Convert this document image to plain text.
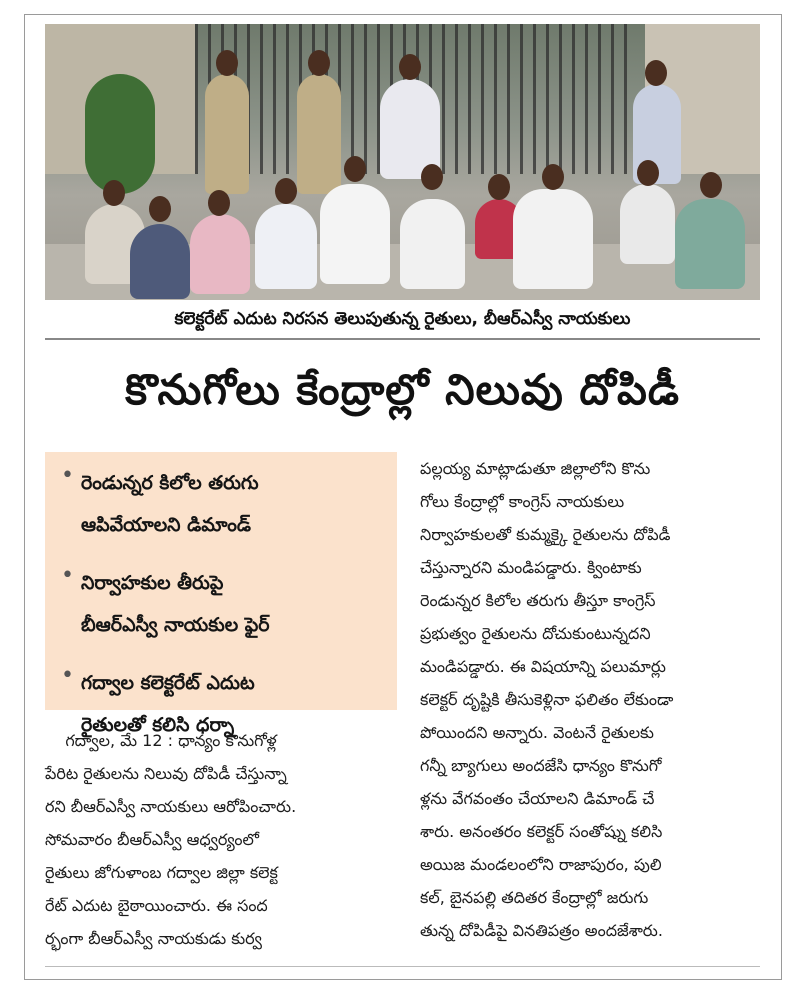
కలెక్టరేట్ ఎదుట నిరసన తెలుపుతున్న రైతులు, బీఆర్ఎస్వీ నాయకులు
కొనుగోలు కేంద్రాల్లో నిలువు దోపిడీ
• రెండున్నర కిలోల తరుగు
ఆపివేయాలని డిమాండ్
• నిర్వాహకుల తీరుపై
బీఆర్ఎస్వీ నాయకుల ఫైర్
• గద్వాల కలెక్టరేట్ ఎదుట
రైతులతో కలిసి ధర్నా
గద్వాల, మే 12 : ధాన్యం కొనుగోళ్ల
పేరిట రైతులను నిలువు దోపిడీ చేస్తున్నా
రని బీఆర్ఎస్వీ నాయకులు ఆరోపించారు.
సోమవారం బీఆర్ఎస్వీ ఆధ్వర్యంలో
రైతులు జోగుళాంబ గద్వాల జిల్లా కలెక్ట
రేట్ ఎదుట బైఠాయించారు. ఈ సంద
ర్భంగా బీఆర్ఎస్వీ నాయకుడు కుర్వ
పల్లయ్య మాట్లాడుతూ జిల్లాలోని కొను
గోలు కేంద్రాల్లో కాంగ్రెస్ నాయకులు
నిర్వాహకులతో కుమ్మక్కై రైతులను దోపిడీ
చేస్తున్నారని మండిపడ్డారు. క్వింటాకు
రెండున్నర కిలోల తరుగు తీస్తూ కాంగ్రెస్
ప్రభుత్వం రైతులను దోచుకుంటున్నదని
మండిపడ్డారు. ఈ విషయాన్ని పలుమార్లు
కలెక్టర్ దృష్టికి తీసుకెళ్లినా ఫలితం లేకుండా
పోయిందని అన్నారు. వెంటనే రైతులకు
గన్నీ బ్యాగులు అందజేసి ధాన్యం కొనుగో
ళ్లను వేగవంతం చేయాలని డిమాండ్ చే
శారు. అనంతరం కలెక్టర్ సంతోష్ను కలిసి
అయిజ మండలంలోని రాజాపురం, పులి
కల్, బైనపల్లి తదితర కేంద్రాల్లో జరుగు
తున్న దోపిడీపై వినతిపత్రం అందజేశారు.
